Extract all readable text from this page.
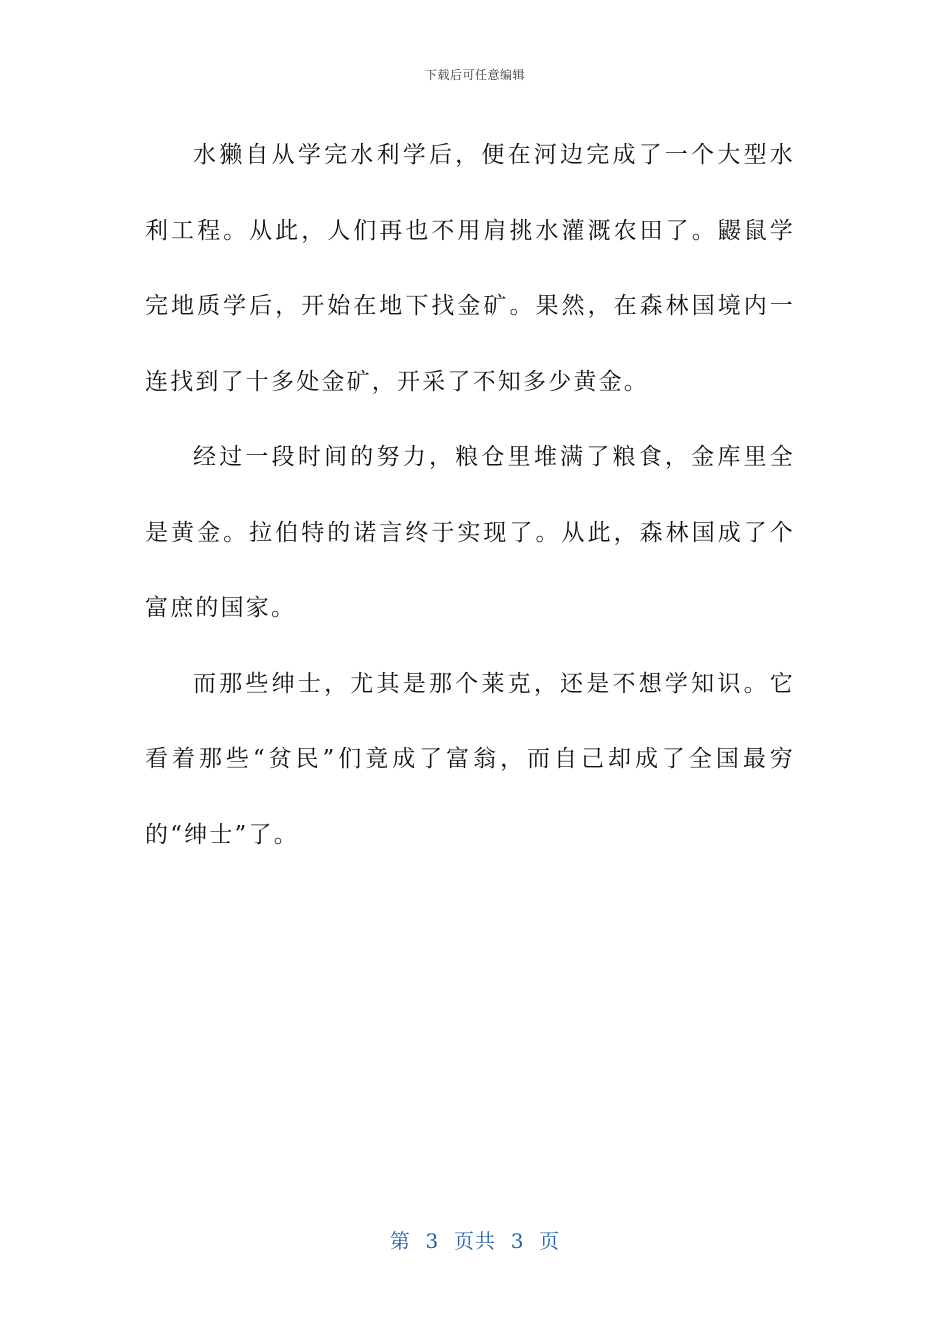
下载后可任意编辑

水獭自从学完水利学后，便在河边完成了一个大型水利工程。从此，人们再也不用肩挑水灌溉农田了。鼹鼠学完地质学后，开始在地下找金矿。果然，在森林国境内一连找到了十多处金矿，开采了不知多少黄金。

经过一段时间的努力，粮仓里堆满了粮食，金库里全是黄金。拉伯特的诺言终于实现了。从此，森林国成了个富庶的国家。

而那些绅士，尤其是那个莱克，还是不想学知识。它看着那些“贫民”们竟成了富翁，而自己却成了全国最穷的“绅士”了。

第  3  页共  3  页
